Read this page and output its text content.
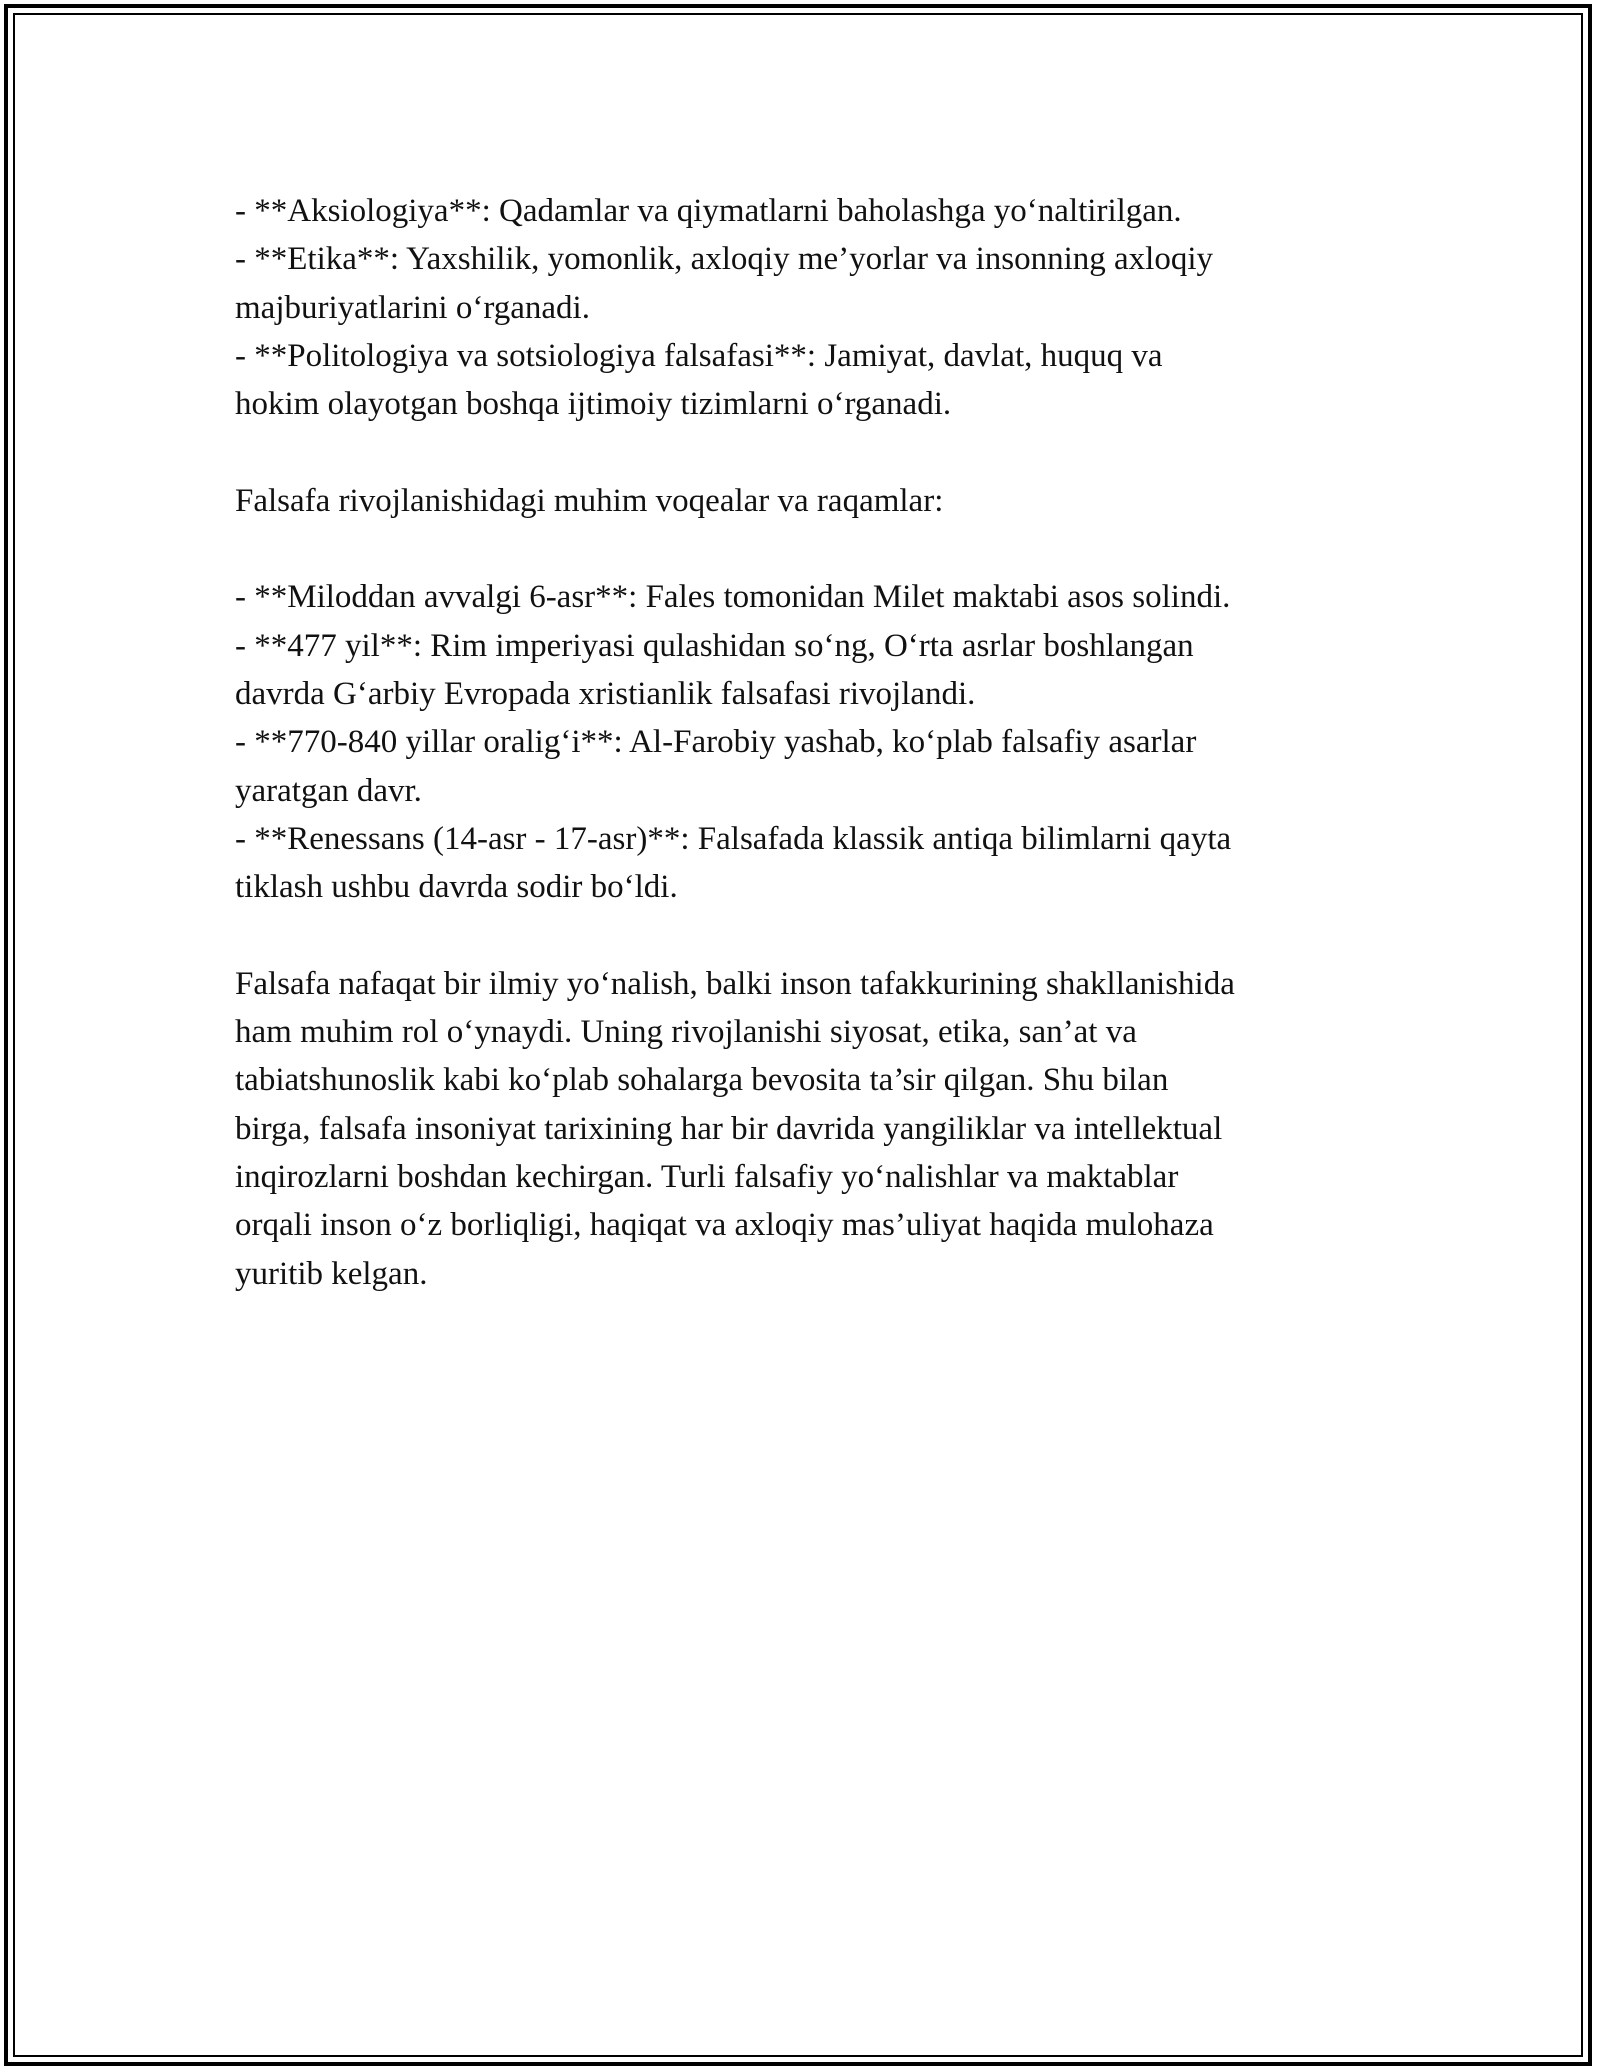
- **Aksiologiya**: Qadamlar va qiymatlarni baholashga yo‘naltirilgan.
- **Etika**: Yaxshilik, yomonlik, axloqiy me’yorlar va insonning axloqiy
majburiyatlarini o‘rganadi.
- **Politologiya va sotsiologiya falsafasi**: Jamiyat, davlat, huquq va
hokim olayotgan boshqa ijtimoiy tizimlarni o‘rganadi.
Falsafa rivojlanishidagi muhim voqealar va raqamlar:
- **Miloddan avvalgi 6-asr**: Fales tomonidan Milet maktabi asos solindi.
- **477 yil**: Rim imperiyasi qulashidan so‘ng, O‘rta asrlar boshlangan
davrda G‘arbiy Evropada xristianlik falsafasi rivojlandi.
- **770-840 yillar oralig‘i**: Al-Farobiy yashab, ko‘plab falsafiy asarlar
yaratgan davr.
- **Renessans (14-asr - 17-asr)**: Falsafada klassik antiqa bilimlarni qayta
tiklash ushbu davrda sodir bo‘ldi.
Falsafa nafaqat bir ilmiy yo‘nalish, balki inson tafakkurining shakllanishida
ham muhim rol o‘ynaydi. Uning rivojlanishi siyosat, etika, san’at va
tabiatshunoslik kabi ko‘plab sohalarga bevosita ta’sir qilgan. Shu bilan
birga, falsafa insoniyat tarixining har bir davrida yangiliklar va intellektual
inqirozlarni boshdan kechirgan. Turli falsafiy yo‘nalishlar va maktablar
orqali inson o‘z borliqligi, haqiqat va axloqiy mas’uliyat haqida mulohaza
yuritib kelgan.
